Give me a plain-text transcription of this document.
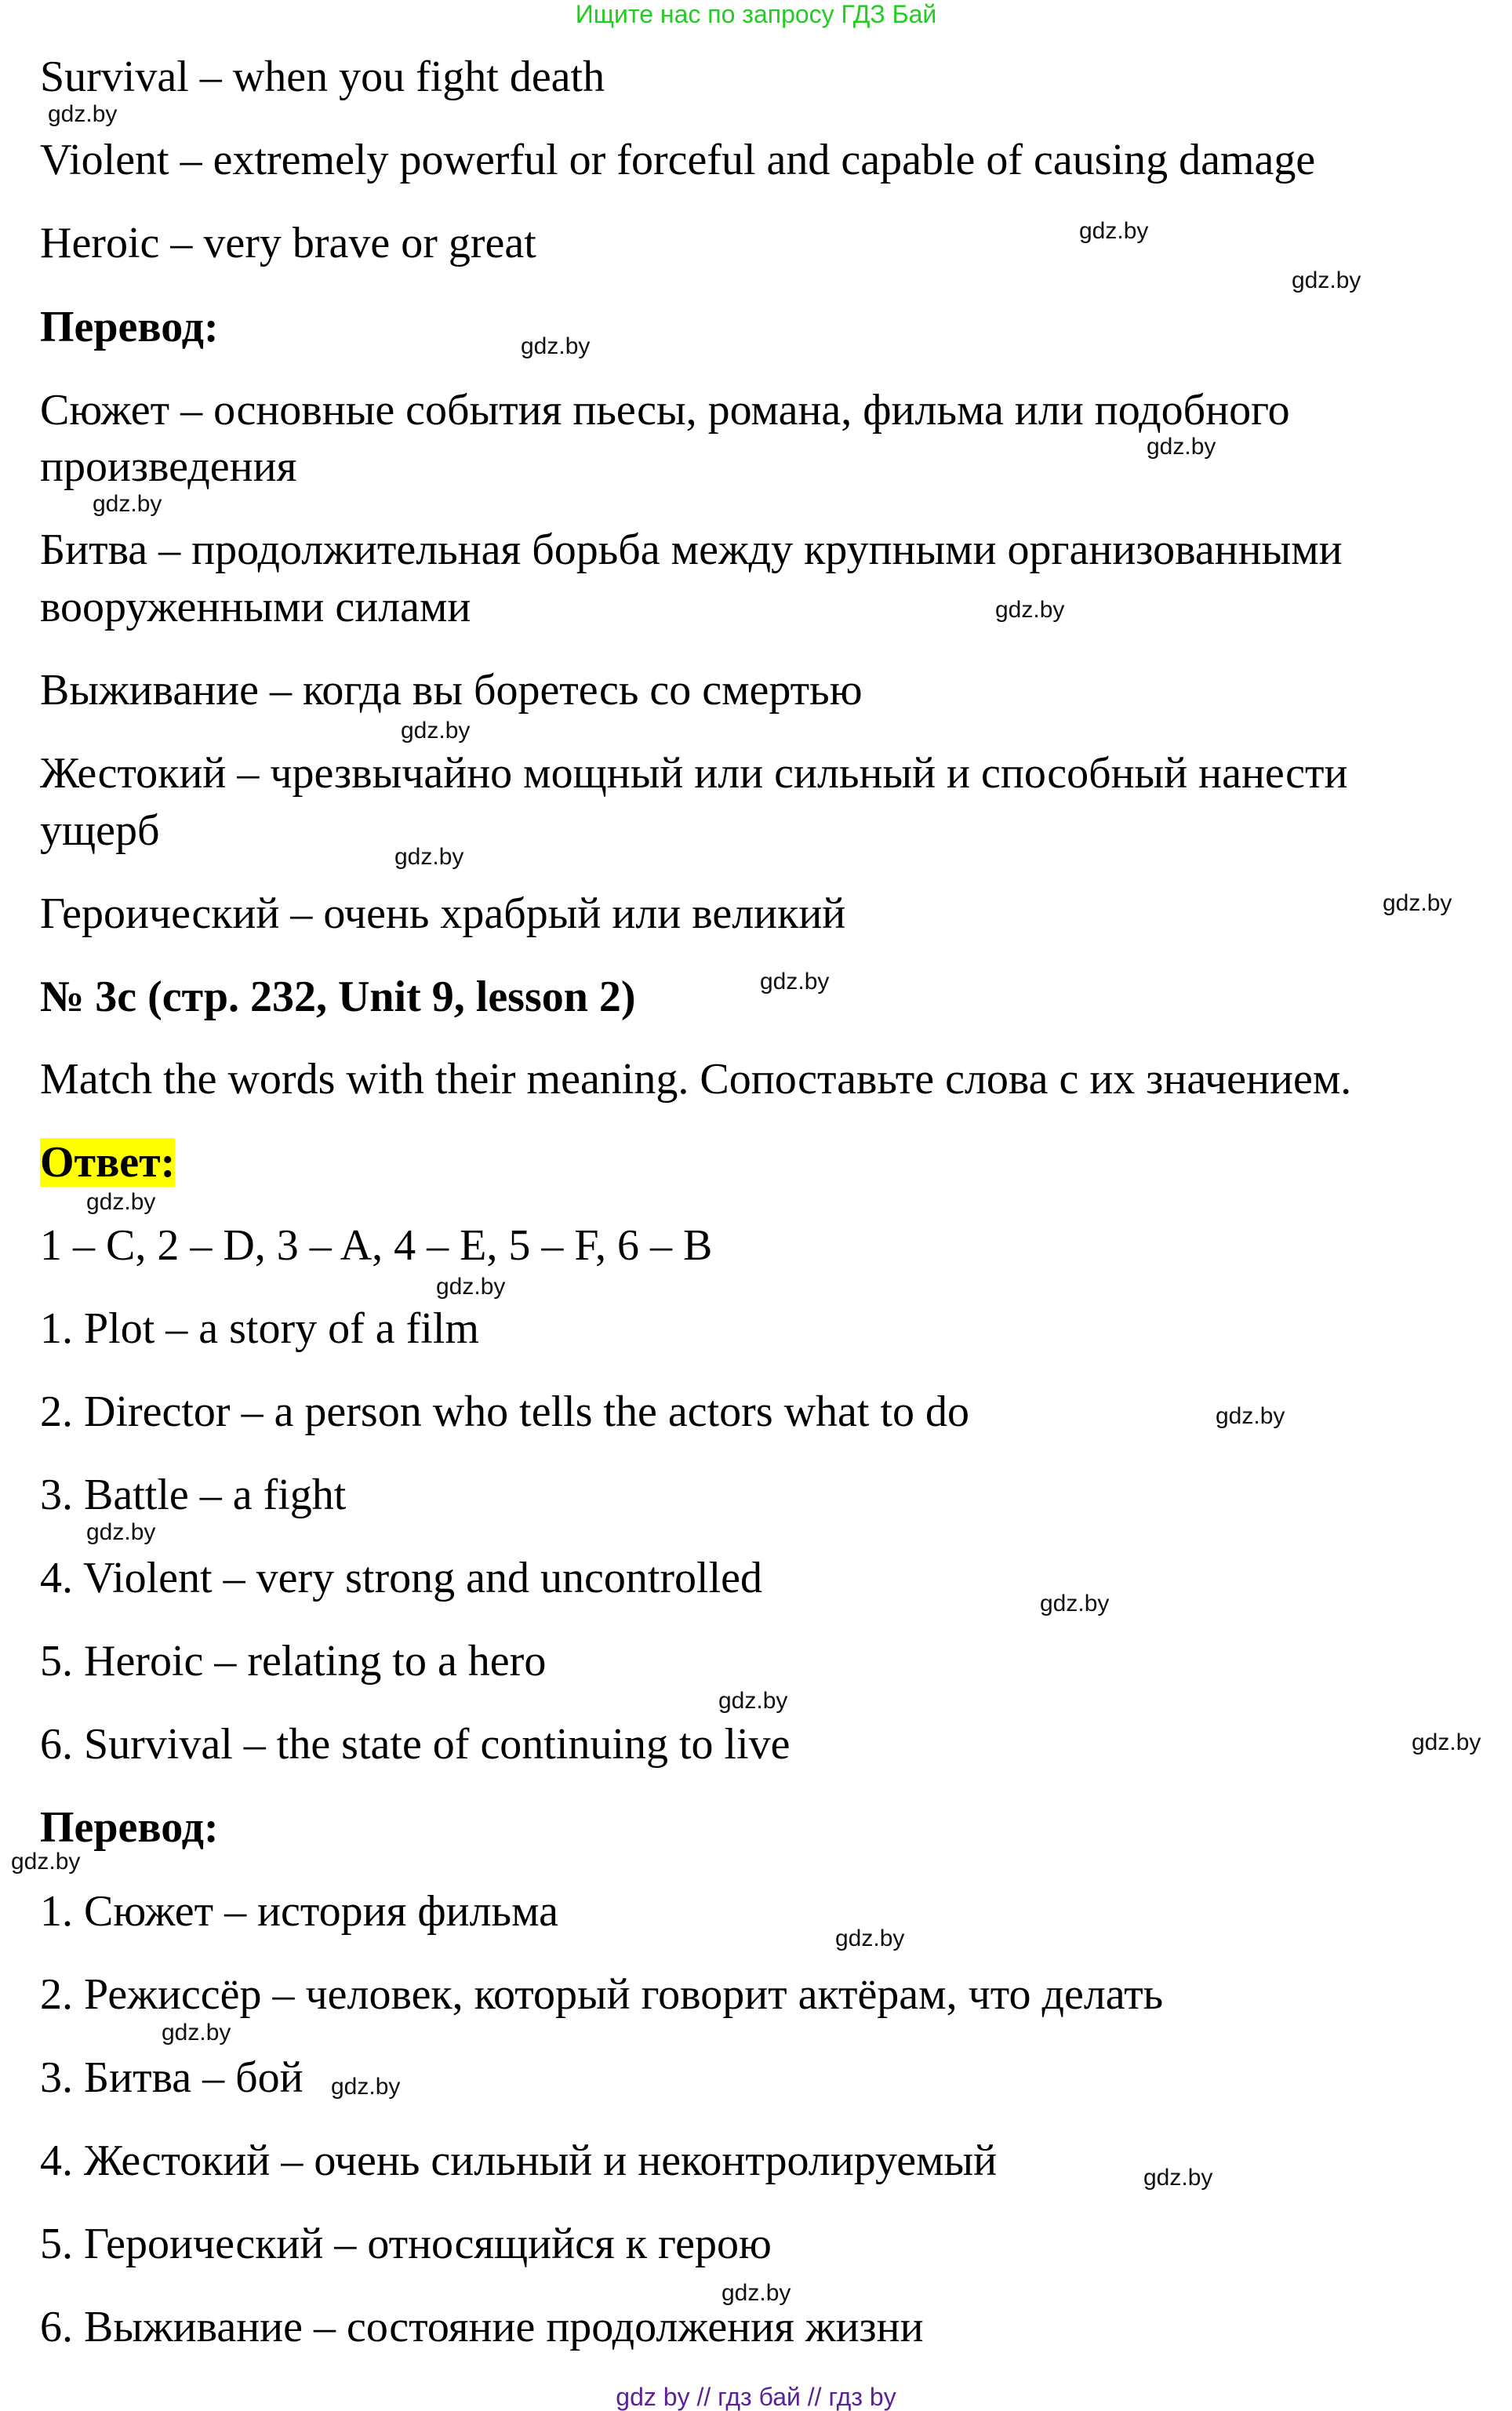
Ищите нас по запросу ГДЗ Бай
Survival – when you fight death
Violent – extremely powerful or forceful and capable of causing damage
Heroic – very brave or great
Перевод:
Сюжет – основные события пьесы, романа, фильма или подобного
произведения
Битва – продолжительная борьба между крупными организованными
вооруженными силами
Выживание – когда вы боретесь со смертью
Жестокий – чрезвычайно мощный или сильный и способный нанести
ущерб
Героический – очень храбрый или великий
№ 3c (стр. 232, Unit 9, lesson 2)
Match the words with their meaning. Сопоставьте слова с их значением.
Ответ:
1 – C, 2 – D, 3 – A, 4 – E, 5 – F, 6 – B
1. Plot – a story of a film
2. Director – a person who tells the actors what to do
3. Battle – a fight
4. Violent – very strong and uncontrolled
5. Heroic – relating to a hero
6. Survival – the state of continuing to live
Перевод:
1. Сюжет – история фильма
2. Режиссёр – человек, который говорит актёрам, что делать
3. Битва – бой
4. Жестокий – очень сильный и неконтролируемый
5. Героический – относящийся к герою
6. Выживание – состояние продолжения жизни
gdz.by
gdz.by
gdz.by
gdz.by
gdz.by
gdz.by
gdz.by
gdz.by
gdz.by
gdz.by
gdz.by
gdz.by
gdz.by
gdz.by
gdz.by
gdz.by
gdz.by
gdz.by
gdz.by
gdz.by
gdz.by
gdz.by
gdz.by
gdz.by
gdz by // гдз бай // гдз by
